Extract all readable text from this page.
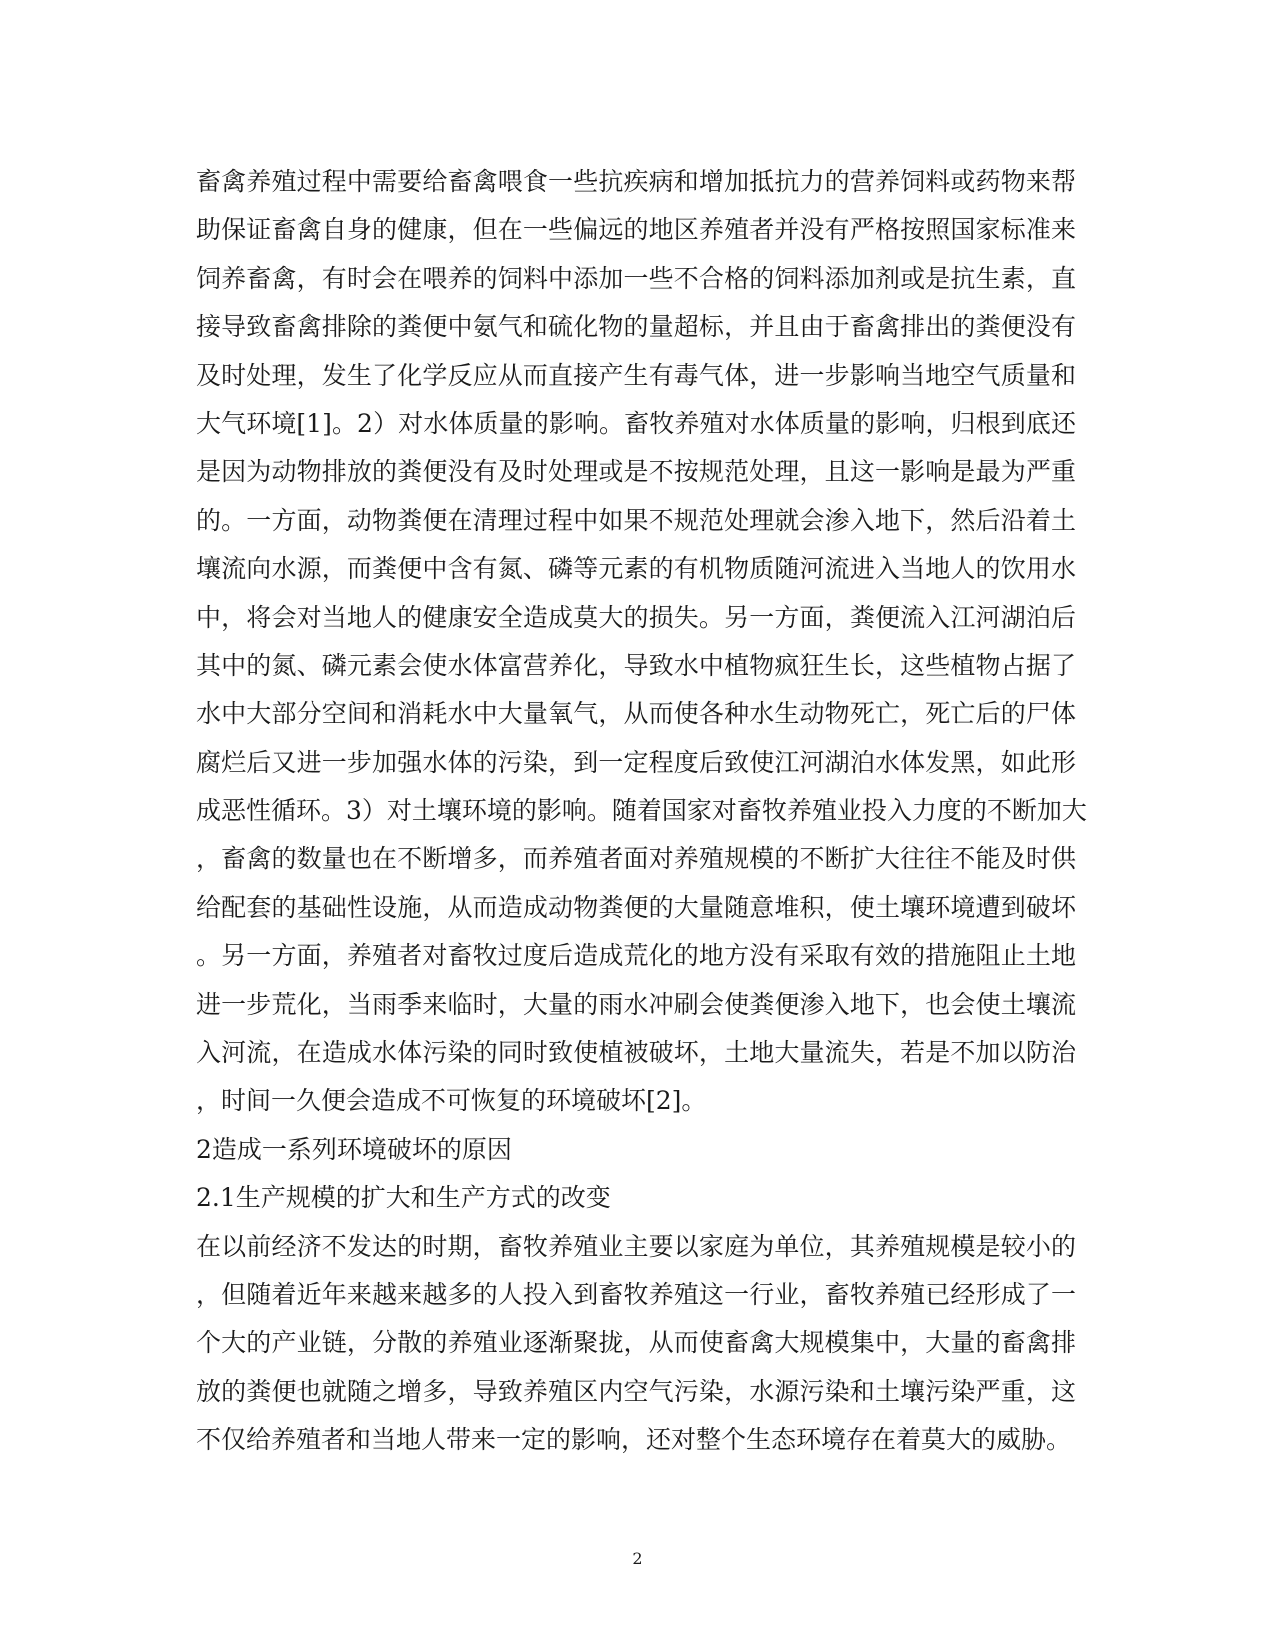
畜禽养殖过程中需要给畜禽喂食一些抗疾病和增加抵抗力的营养饲料或药物来帮
助保证畜禽自身的健康，但在一些偏远的地区养殖者并没有严格按照国家标准来
饲养畜禽，有时会在喂养的饲料中添加一些不合格的饲料添加剂或是抗生素，直
接导致畜禽排除的粪便中氨气和硫化物的量超标，并且由于畜禽排出的粪便没有
及时处理，发生了化学反应从而直接产生有毒气体，进一步影响当地空气质量和
大气环境[1]。2）对水体质量的影响。畜牧养殖对水体质量的影响，归根到底还
是因为动物排放的粪便没有及时处理或是不按规范处理，且这一影响是最为严重
的。一方面，动物粪便在清理过程中如果不规范处理就会渗入地下，然后沿着土
壤流向水源，而粪便中含有氮、磷等元素的有机物质随河流进入当地人的饮用水
中，将会对当地人的健康安全造成莫大的损失。另一方面，粪便流入江河湖泊后
其中的氮、磷元素会使水体富营养化，导致水中植物疯狂生长，这些植物占据了
水中大部分空间和消耗水中大量氧气，从而使各种水生动物死亡，死亡后的尸体
腐烂后又进一步加强水体的污染，到一定程度后致使江河湖泊水体发黑，如此形
成恶性循环。3）对土壤环境的影响。随着国家对畜牧养殖业投入力度的不断加大
，畜禽的数量也在不断增多，而养殖者面对养殖规模的不断扩大往往不能及时供
给配套的基础性设施，从而造成动物粪便的大量随意堆积，使土壤环境遭到破坏
。另一方面，养殖者对畜牧过度后造成荒化的地方没有采取有效的措施阻止土地
进一步荒化，当雨季来临时，大量的雨水冲刷会使粪便渗入地下，也会使土壤流
入河流，在造成水体污染的同时致使植被破坏，土地大量流失，若是不加以防治
，时间一久便会造成不可恢复的环境破坏[2]。
2造成一系列环境破坏的原因
2.1生产规模的扩大和生产方式的改变
在以前经济不发达的时期，畜牧养殖业主要以家庭为单位，其养殖规模是较小的
，但随着近年来越来越多的人投入到畜牧养殖这一行业，畜牧养殖已经形成了一
个大的产业链，分散的养殖业逐渐聚拢，从而使畜禽大规模集中，大量的畜禽排
放的粪便也就随之增多，导致养殖区内空气污染，水源污染和土壤污染严重，这
不仅给养殖者和当地人带来一定的影响，还对整个生态环境存在着莫大的威胁。
2
